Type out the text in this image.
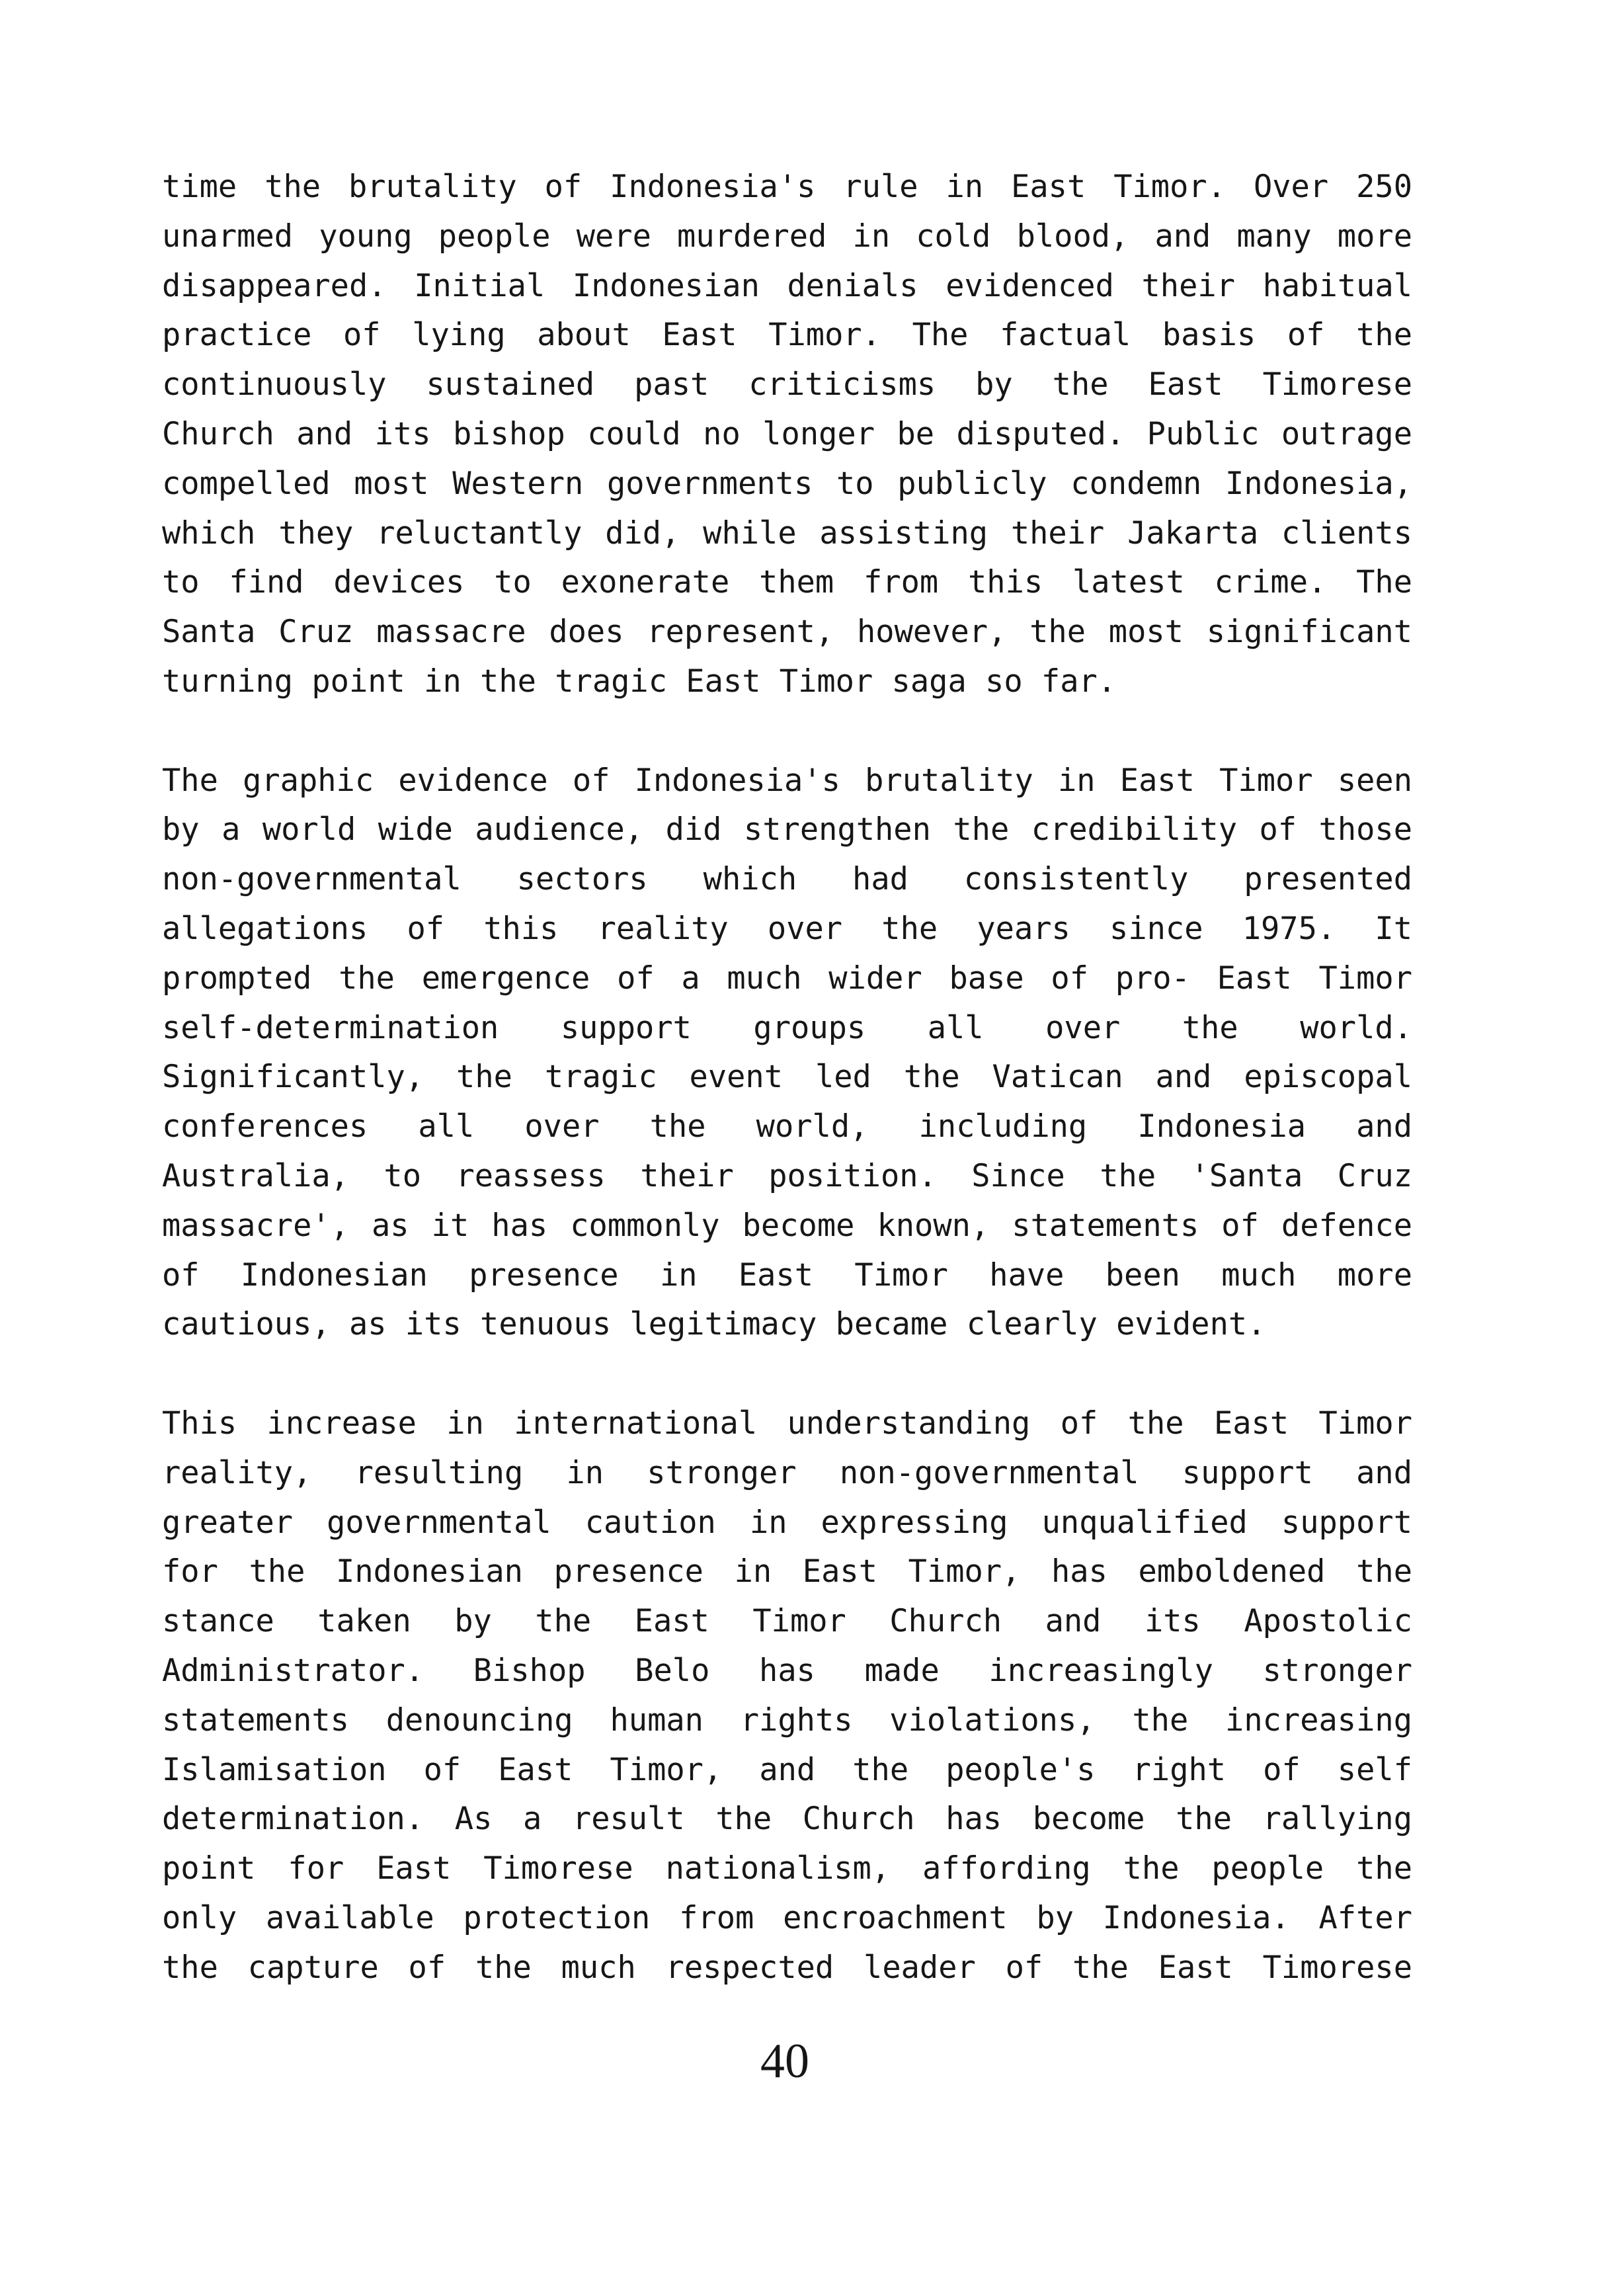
time the brutality of Indonesia's rule in East Timor. Over 250
unarmed young people were murdered in cold blood, and many more
disappeared. Initial Indonesian denials evidenced their habitual
practice of lying about East Timor. The factual basis of the
continuously sustained past criticisms by the East Timorese
Church and its bishop could no longer be disputed. Public outrage
compelled most Western governments to publicly condemn Indonesia,
which they reluctantly did, while assisting their Jakarta clients
to find devices to exonerate them from this latest crime. The
Santa Cruz massacre does represent, however, the most significant
turning point in the tragic East Timor saga so far.
The graphic evidence of Indonesia's brutality in East Timor seen
by a world wide audience, did strengthen the credibility of those
non-governmental sectors which had consistently presented
allegations of this reality over the years since 1975. It
prompted the emergence of a much wider base of pro- East Timor
self-determination support groups all over the world.
Significantly, the tragic event led the Vatican and episcopal
conferences all over the world, including Indonesia and
Australia, to reassess their position. Since the 'Santa Cruz
massacre', as it has commonly become known, statements of defence
of Indonesian presence in East Timor have been much more
cautious, as its tenuous legitimacy became clearly evident.
This increase in international understanding of the East Timor
reality, resulting in stronger non-governmental support and
greater governmental caution in expressing unqualified support
for the Indonesian presence in East Timor, has emboldened the
stance taken by the East Timor Church and its Apostolic
Administrator. Bishop Belo has made increasingly stronger
statements denouncing human rights violations, the increasing
Islamisation of East Timor, and the people's right of self
determination. As a result the Church has become the rallying
point for East Timorese nationalism, affording the people the
only available protection from encroachment by Indonesia. After
the capture of the much respected leader of the East Timorese
40
